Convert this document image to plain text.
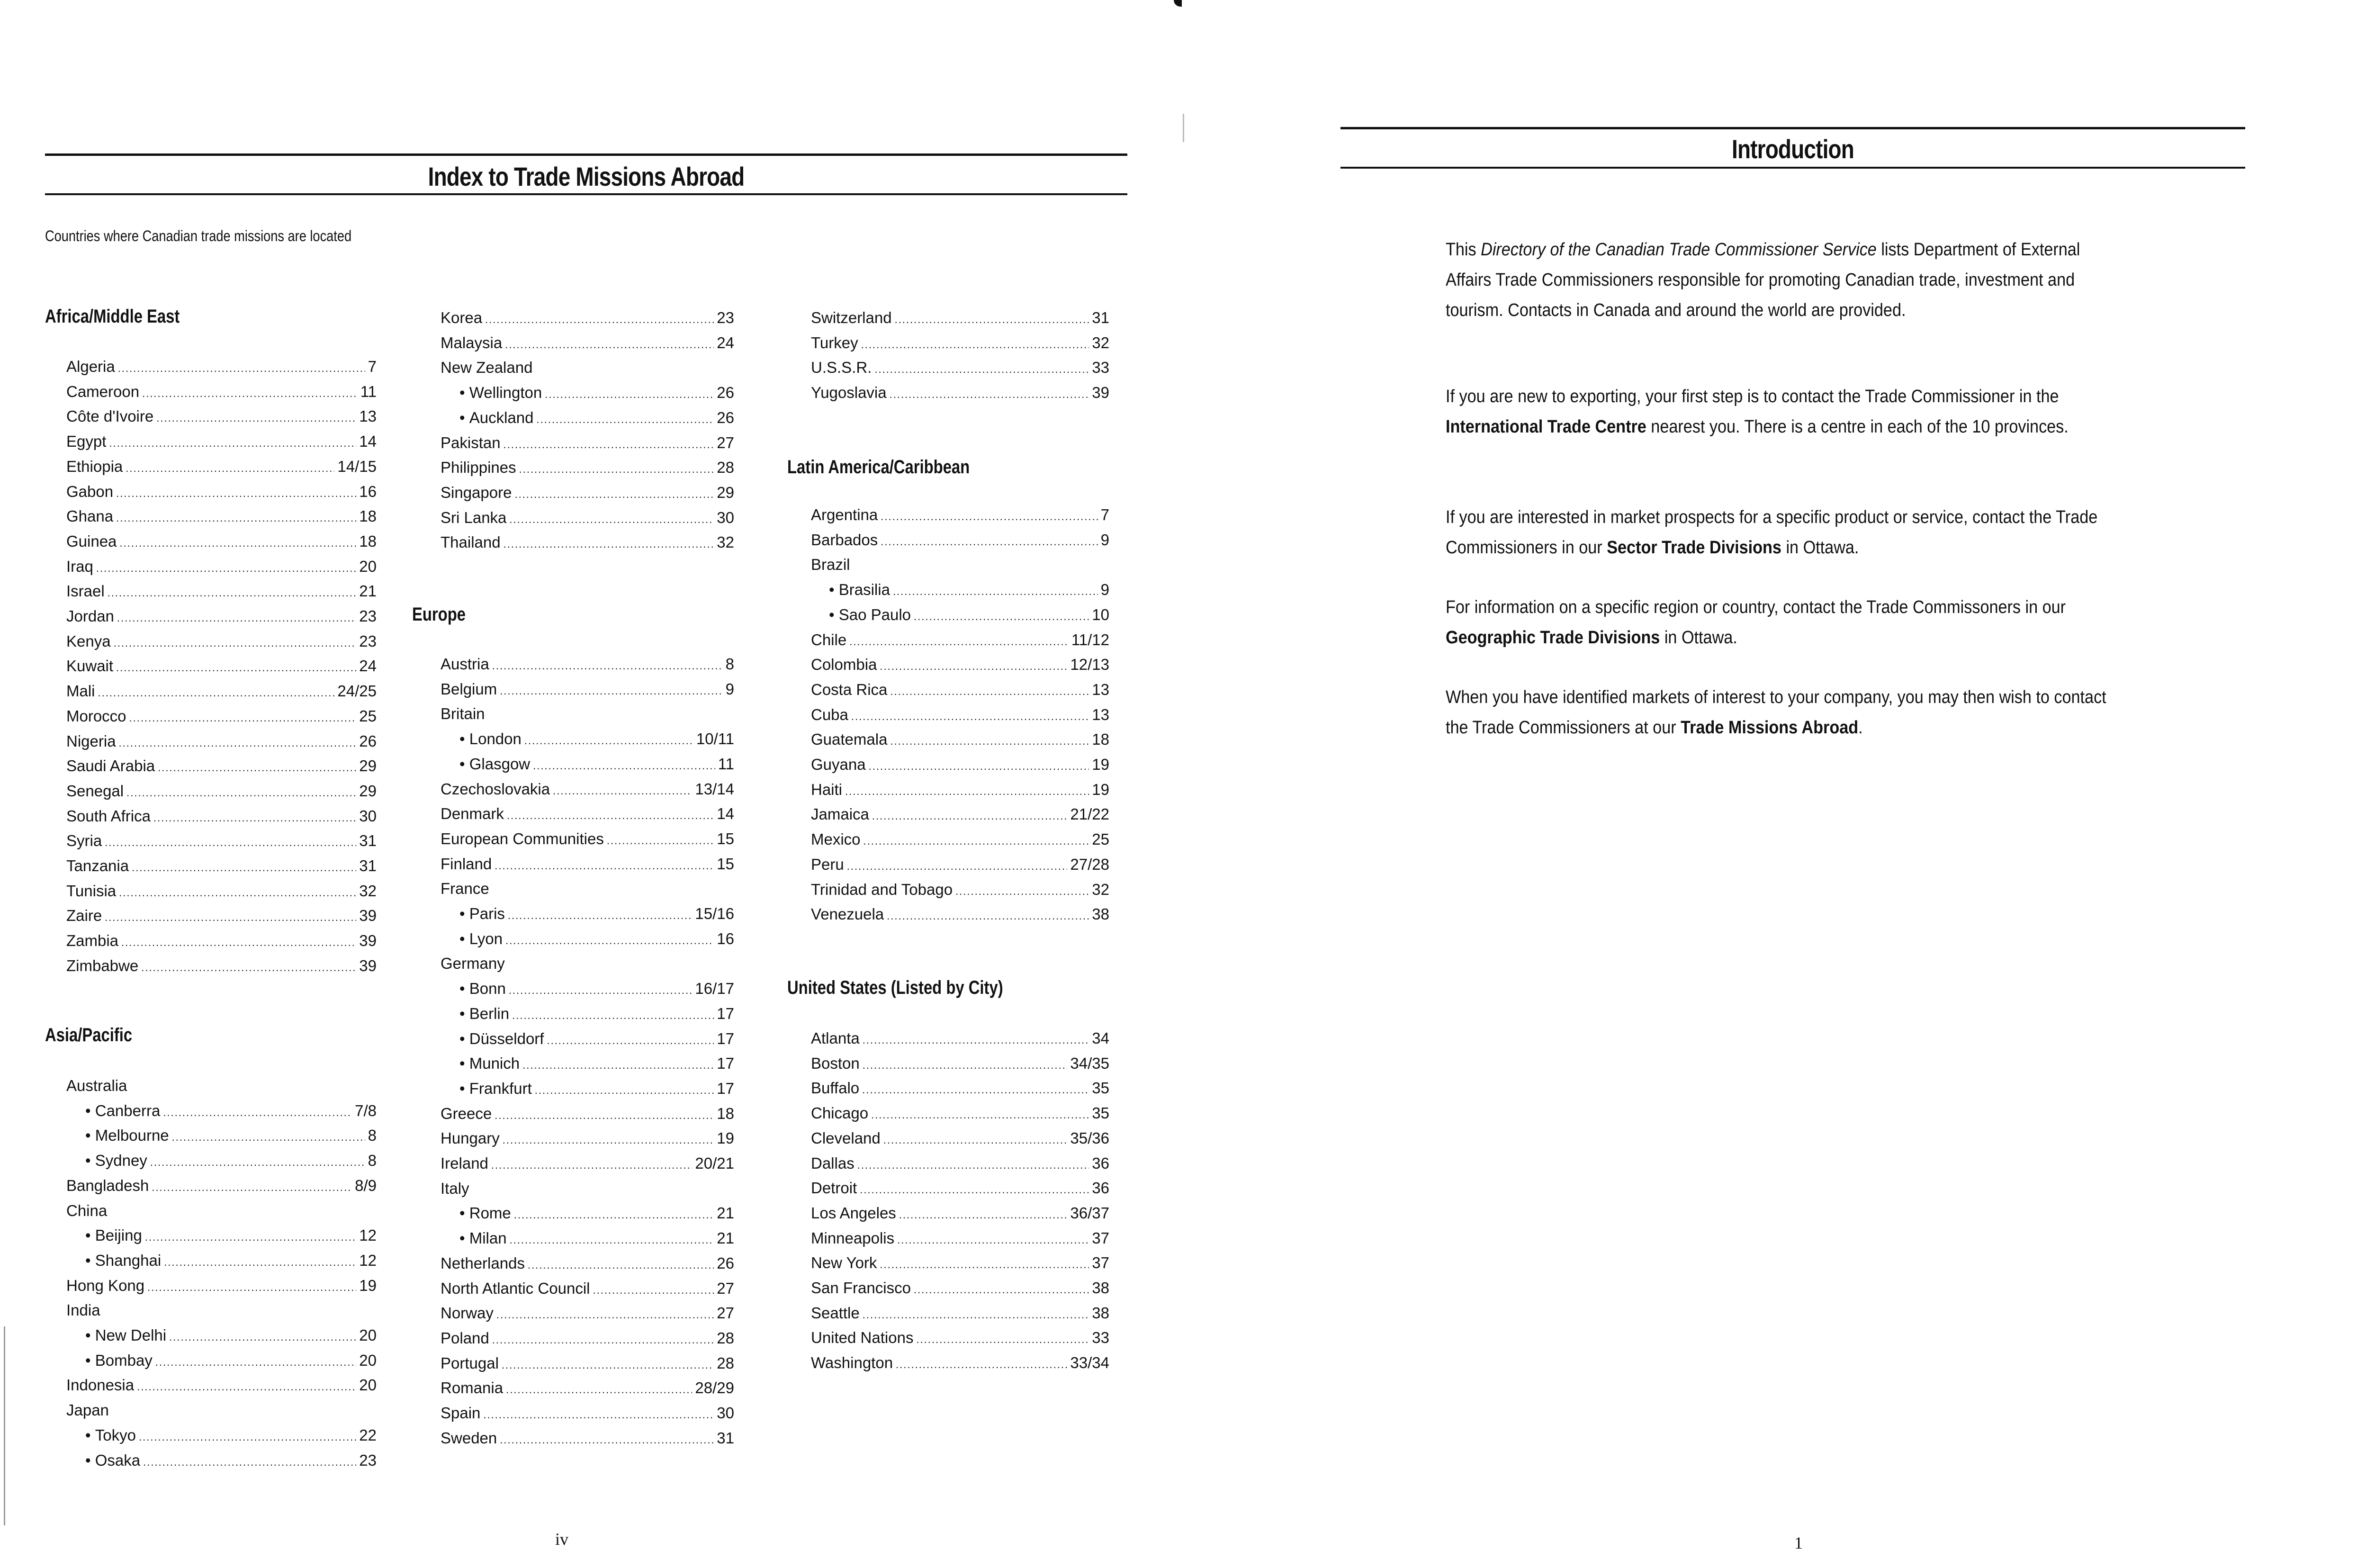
Index to Trade Missions Abroad
Countries where Canadian trade missions are located
Africa/Middle East
Algeria .....	7
Cameroon .....	11
Côte d'Ivoire .....	13
Egypt .....	14
Ethiopia .....	14/15
Gabon .....	16
Ghana .....	18
Guinea .....	18
Iraq .....	20
Israel .....	21
Jordan .....	23
Kenya .....	23
Kuwait .....	24
Mali .....	24/25
Morocco .....	25
Nigeria .....	26
Saudi Arabia .....	29
Senegal .....	29
South Africa .....	30
Syria .....	31
Tanzania .....	31
Tunisia .....	32
Zaire .....	39
Zambia .....	39
Zimbabwe .....	39
Asia/Pacific
Australia
• Canberra .....	7/8
• Melbourne .....	8
• Sydney .....	8
Bangladesh .....	8/9
China
• Beijing .....	12
• Shanghai .....	12
Hong Kong .....	19
India
• New Delhi .....	20
• Bombay .....	20
Indonesia .....	20
Japan
• Tokyo .....	22
• Osaka .....	23
Korea .....	23
Malaysia .....	24
New Zealand
• Wellington .....	26
• Auckland .....	26
Pakistan .....	27
Philippines .....	28
Singapore .....	29
Sri Lanka .....	30
Thailand .....	32
Europe
Austria .....	8
Belgium .....	9
Britain
• London .....	10/11
• Glasgow .....	11
Czechoslovakia .....	13/14
Denmark .....	14
European Communities .....	15
Finland .....	15
France
• Paris .....	15/16
• Lyon .....	16
Germany
• Bonn .....	16/17
• Berlin .....	17
• Düsseldorf .....	17
• Munich .....	17
• Frankfurt .....	17
Greece .....	18
Hungary .....	19
Ireland .....	20/21
Italy
• Rome .....	21
• Milan .....	21
Netherlands .....	26
North Atlantic Council .....	27
Norway .....	27
Poland .....	28
Portugal .....	28
Romania .....	28/29
Spain .....	30
Sweden .....	31
Switzerland .....	31
Turkey .....	32
U.S.S.R. .....	33
Yugoslavia .....	39
Latin America/Caribbean
Argentina .....	7
Barbados .....	9
Brazil
• Brasilia .....	9
• Sao Paulo .....	10
Chile .....	11/12
Colombia .....	12/13
Costa Rica .....	13
Cuba .....	13
Guatemala .....	18
Guyana .....	19
Haiti .....	19
Jamaica .....	21/22
Mexico .....	25
Peru .....	27/28
Trinidad and Tobago .....	32
Venezuela .....	38
United States (Listed by City)
Atlanta .....	34
Boston .....	34/35
Buffalo .....	35
Chicago .....	35
Cleveland .....	35/36
Dallas .....	36
Detroit .....	36
Los Angeles .....	36/37
Minneapolis .....	37
New York .....	37
San Francisco .....	38
Seattle .....	38
United Nations .....	33
Washington .....	33/34
iv
Introduction

This Directory of the Canadian Trade Commissioner Service lists Department of External Affairs Trade Commissioners responsible for promoting Canadian trade, investment and tourism. Contacts in Canada and around the world are provided.

If you are new to exporting, your first step is to contact the Trade Commissioner in the International Trade Centre nearest you. There is a centre in each of the 10 provinces.

If you are interested in market prospects for a specific product or service, contact the Trade Commissioners in our Sector Trade Divisions in Ottawa.

For information on a specific region or country, contact the Trade Commissoners in our Geographic Trade Divisions in Ottawa.

When you have identified markets of interest to your company, you may then wish to contact the Trade Commissioners at our Trade Missions Abroad.

1
